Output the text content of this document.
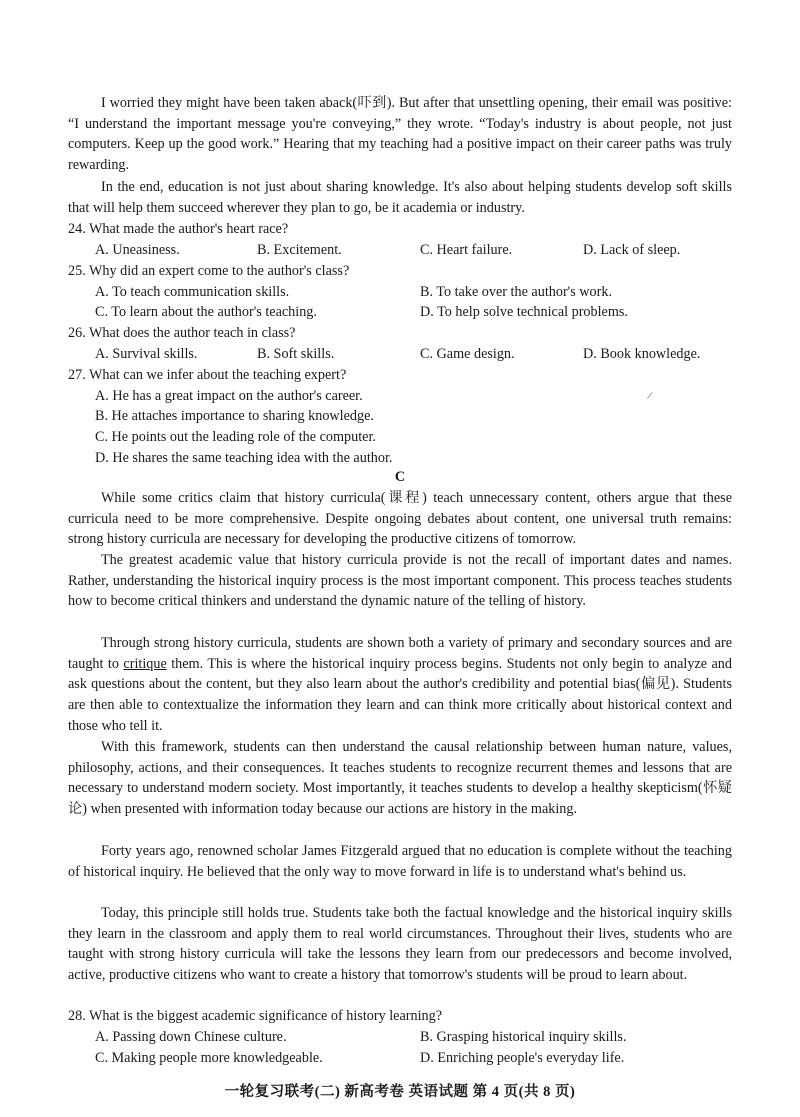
I worried they might have been taken aback(吓到). But after that unsettling opening, their email was positive: “I understand the important message you're conveying,” they wrote. “Today's industry is about people, not just computers. Keep up the good work.” Hearing that my teaching had a positive impact on their career paths was truly rewarding.
In the end, education is not just about sharing knowledge. It's also about helping students develop soft skills that will help them succeed wherever they plan to go, be it academia or industry.
24. What made the author's heart race?
A. Uneasiness.	B. Excitement.	C. Heart failure.	D. Lack of sleep.
25. Why did an expert come to the author's class?
A. To teach communication skills.	B. To take over the author's work.
C. To learn about the author's teaching.	D. To help solve technical problems.
26. What does the author teach in class?
A. Survival skills.	B. Soft skills.	C. Game design.	D. Book knowledge.
27. What can we infer about the teaching expert?
A. He has a great impact on the author's career.
B. He attaches importance to sharing knowledge.
C. He points out the leading role of the computer.
D. He shares the same teaching idea with the author.
/
C
While some critics claim that history curricula(课程) teach unnecessary content, others argue that these curricula need to be more comprehensive. Despite ongoing debates about content, one universal truth remains: strong history curricula are necessary for developing the productive citizens of tomorrow.
The greatest academic value that history curricula provide is not the recall of important dates and names. Rather, understanding the historical inquiry process is the most important component. This process teaches students how to become critical thinkers and understand the dynamic nature of the telling of history.
Through strong history curricula, students are shown both a variety of primary and secondary sources and are taught to critique them. This is where the historical inquiry process begins. Students not only begin to analyze and ask questions about the content, but they also learn about the author's credibility and potential bias(偏见). Students are then able to contextualize the information they learn and can think more critically about historical context and those who tell it.
With this framework, students can then understand the causal relationship between human nature, values, philosophy, actions, and their consequences. It teaches students to recognize recurrent themes and lessons that are necessary to understand modern society. Most importantly, it teaches students to develop a healthy skepticism(怀疑论) when presented with information today because our actions are history in the making.
Forty years ago, renowned scholar James Fitzgerald argued that no education is complete without the teaching of historical inquiry. He believed that the only way to move forward in life is to understand what's behind us.
Today, this principle still holds true. Students take both the factual knowledge and the historical inquiry skills they learn in the classroom and apply them to real world circumstances. Throughout their lives, students who are taught with strong history curricula will take the lessons they learn from our predecessors and become involved, active, productive citizens who want to create a history that tomorrow's students will be proud to learn about.
28. What is the biggest academic significance of history learning?
A. Passing down Chinese culture.	B. Grasping historical inquiry skills.
C. Making people more knowledgeable.	D. Enriching people's everyday life.
一轮复习联考(二) 新高考卷 英语试题 第 4 页(共 8 页)
